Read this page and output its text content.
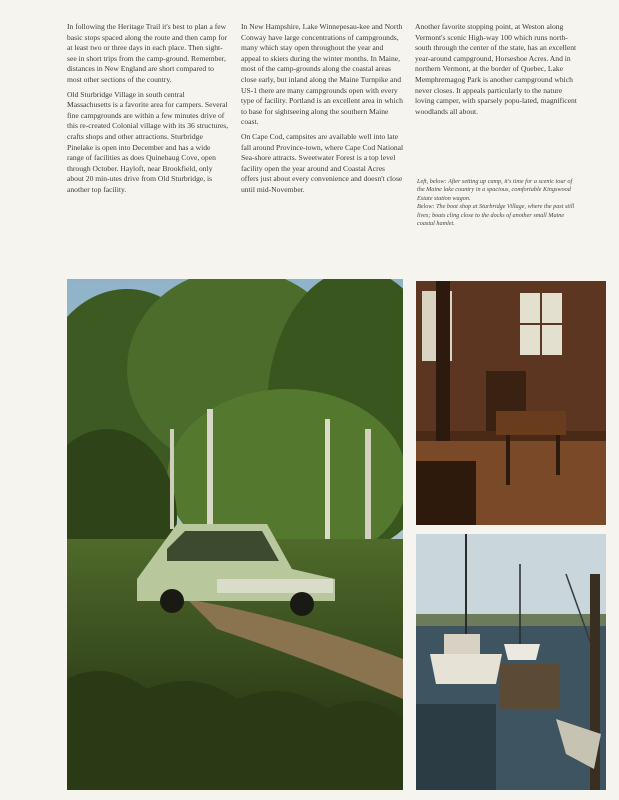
In following the Heritage Trail it's best to plan a few basic stops spaced along the route and then camp for at least two or three days in each place. Then sight-see in short trips from the camp-ground. Remember, distances in New England are short compared to most other sections of the country.

Old Sturbridge Village in south central Massachusetts is a favorite area for campers. Several fine campgrounds are within a few minutes drive of this re-created Colonial village with its 36 structures, crafts shops and other attractions. Sturbridge Pinelake is open into December and has a wide range of facilities as does Quinebaug Cove, open through October. Hayloft, near Brookfield, only about 20 min-utes drive from Old Sturbridge, is another top facility.

In New Hampshire, Lake Winnepesau-kee and North Conway have large concentrations of campgrounds, many which stay open throughout the year and appeal to skiers during the winter months. In Maine, most of the camp-grounds along the coastal areas close early, but inland along the Maine Turnpike and US-1 there are many campgrounds open with every type of facility. Portland is an excellent area in which to base for sightseeing along the southern Maine coast.

On Cape Cod, campsites are available well into late fall around Province-town, where Cape Cod National Sea-shore attracts. Sweetwater Forest is a top level facility open the year around and Coastal Acres offers just about every convenience and doesn't close until mid-November.

Another favorite stopping point, at Weston along Vermont's scenic High-way 100 which runs north-south through the center of the state, has an excellent year-around campground, Horseshoe Acres. And in northern Vermont, at the border of Quebec, Lake Memphremagog Park is another campground which never closes. It appeals particularly to the nature loving camper, with sparsely popu-lated, magnificent woodlands all about.

Left, below: After setting up camp, it's time for a scenic tour of the Maine lake country in a spacious, comfortable Kingswood Estate station wagon.

Below: The boot shop at Sturbridge Village, where the past still lives; boats cling close to the docks of another small Maine coastal hamlet.
